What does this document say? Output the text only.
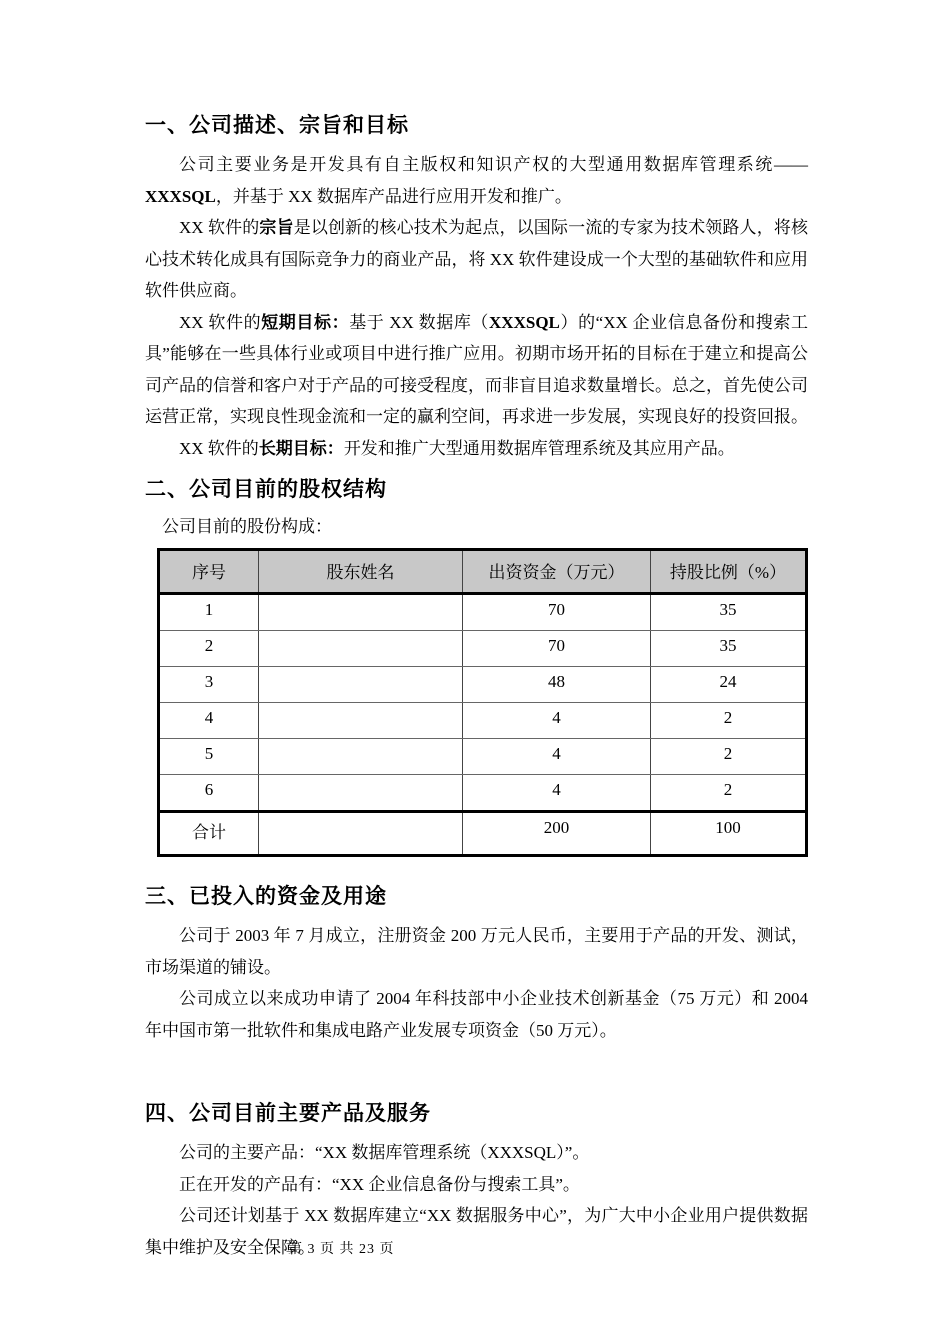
一、公司描述、宗旨和目标

公司主要业务是开发具有自主版权和知识产权的大型通用数据库管理系统——XXXSQL，并基于 XX 数据库产品进行应用开发和推广。

XX 软件的宗旨是以创新的核心技术为起点，以国际一流的专家为技术领路人，将核心技术转化成具有国际竞争力的商业产品，将 XX 软件建设成一个大型的基础软件和应用软件供应商。

XX 软件的短期目标：基于 XX 数据库（XXXSQL）的“XX 企业信息备份和搜索工具”能够在一些具体行业或项目中进行推广应用。初期市场开拓的目标在于建立和提高公司产品的信誉和客户对于产品的可接受程度，而非盲目追求数量增长。总之，首先使公司运营正常，实现良性现金流和一定的赢利空间，再求进一步发展，实现良好的投资回报。

XX 软件的长期目标：开发和推广大型通用数据库管理系统及其应用产品。

二、公司目前的股权结构

公司目前的股份构成：

序号	股东姓名	出资资金（万元）	持股比例（%）
1		70	35
2		70	35
3		48	24
4		4	2
5		4	2
6		4	2
合计		200	100
三、已投入的资金及用途

公司于 2003 年 7 月成立，注册资金 200 万元人民币，主要用于产品的开发、测试，市场渠道的铺设。

公司成立以来成功申请了 2004 年科技部中小企业技术创新基金（75 万元）和 2004 年中国市第一批软件和集成电路产业发展专项资金（50 万元）。

四、公司目前主要产品及服务

公司的主要产品：“XX 数据库管理系统（XXXSQL）”。

正在开发的产品有：“XX 企业信息备份与搜索工具”。

公司还计划基于 XX 数据库建立“XX 数据服务中心”，为广大中小企业用户提供数据集中维护及安全保障。

第 3 页 共 23 页
